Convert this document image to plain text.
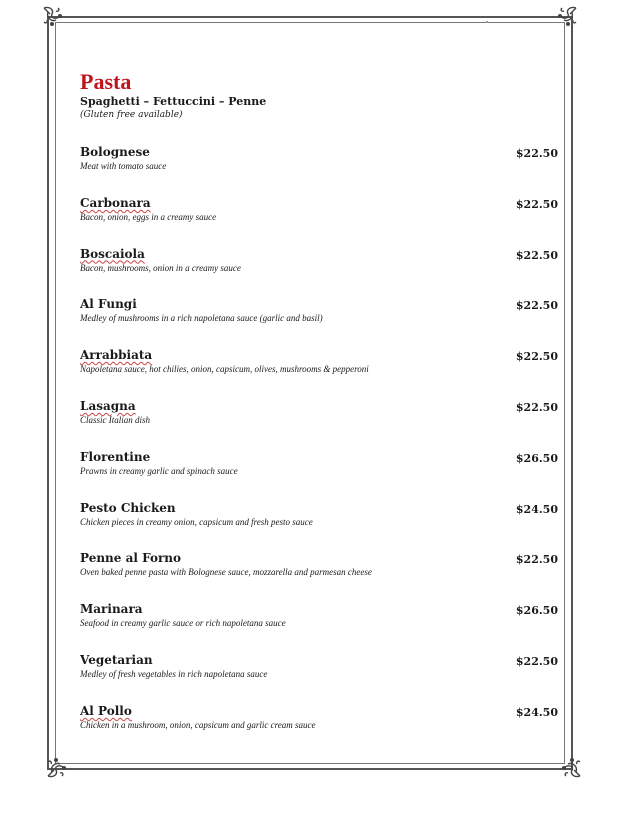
Pasta
Spaghetti – Fettuccini – Penne
(Gluten free available)
Bolognese
Meat with tomato sauce
$22.50
Carbonara
Bacon, onion, eggs in a creamy sauce
$22.50
Boscaiola
Bacon, mushrooms, onion in a creamy sauce
$22.50
Al Fungi
Medley of mushrooms in a rich napoletana sauce (garlic and basil)
$22.50
Arrabbiata
Napoletana sauce, hot chilies, onion, capsicum, olives, mushrooms & pepperoni
$22.50
Lasagna
Classic Italian dish
$22.50
Florentine
Prawns in creamy garlic and spinach sauce
$26.50
Pesto Chicken
Chicken pieces in creamy onion, capsicum and fresh pesto sauce
$24.50
Penne al Forno
Oven baked penne pasta with Bolognese sauce, mozzarella and parmesan cheese
$22.50
Marinara
Seafood in creamy garlic sauce or rich napoletana sauce
$26.50
Vegetarian
Medley of fresh vegetables in rich napoletana sauce
$22.50
Al Pollo
Chicken in a mushroom, onion, capsicum and garlic cream sauce
$24.50
